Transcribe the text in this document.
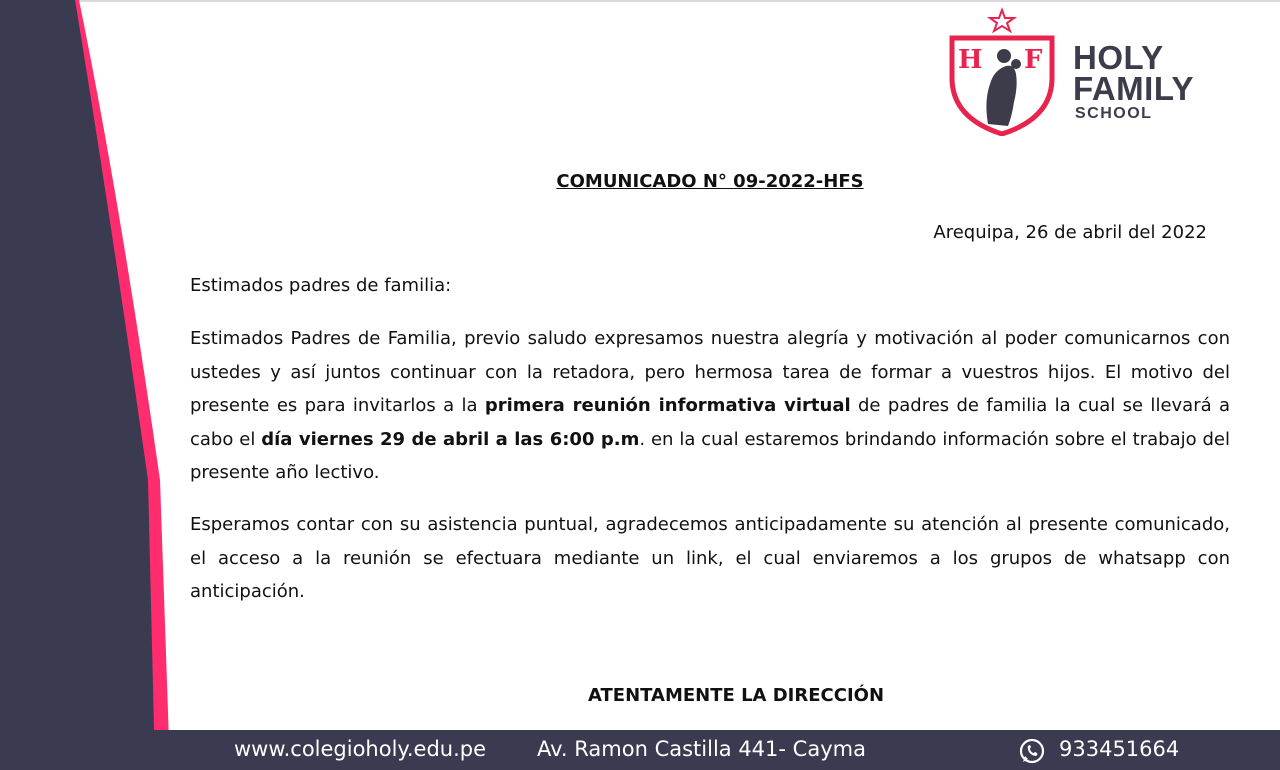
H F HOLY
FAMILY
SCHOOL
COMUNICADO N° 09-2022-HFS
Arequipa, 26 de abril del 2022
Estimados padres de familia:

Estimados Padres de Familia, previo saludo expresamos nuestra alegría y motivación al poder comunicarnos con ustedes y así juntos continuar con la retadora, pero hermosa tarea de formar a vuestros hijos. El motivo del presente es para invitarlos a la primera reunión informativa virtual de padres de familia la cual se llevará a cabo el día viernes 29 de abril a las 6:00 p.m. en la cual estaremos brindando información sobre el trabajo del presente año lectivo.

Esperamos contar con su asistencia puntual, agradecemos anticipadamente su atención al presente comunicado, el acceso a la reunión se efectuara mediante un link, el cual enviaremos a los grupos de whatsapp con anticipación.

ATENTAMENTE LA DIRECCIÓN
www.colegioholy.edu.pe Av. Ramon Castilla 441- Cayma	933451664
